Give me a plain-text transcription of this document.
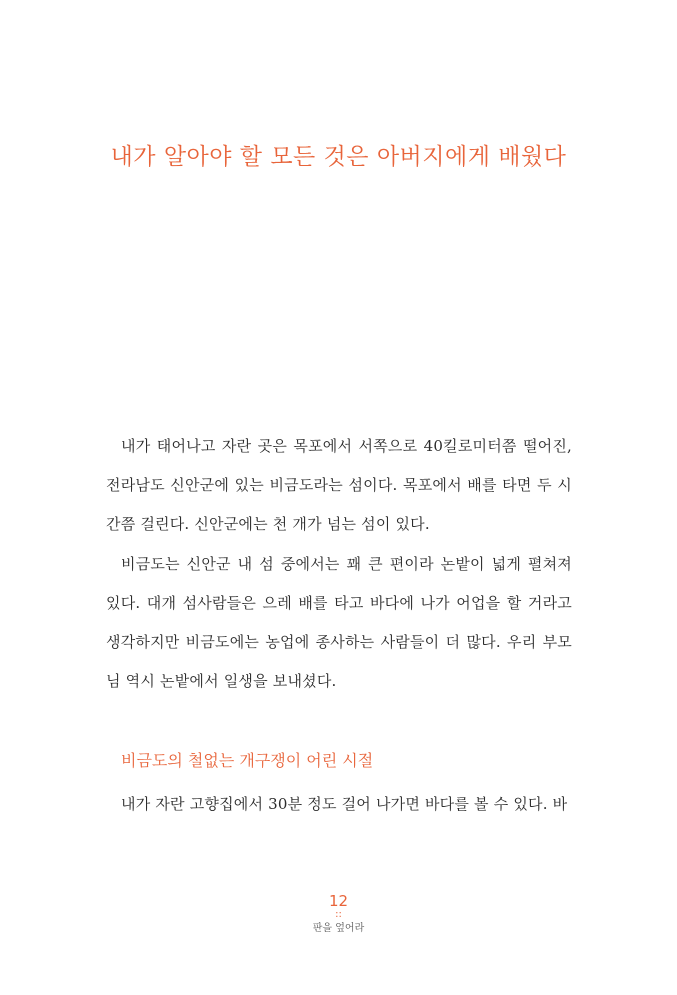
내가 알아야 할 모든 것은 아버지에게 배웠다

내가 태어나고 자란 곳은 목포에서 서쪽으로 40킬로미터쯤 떨어진, 전라남도 신안군에 있는 비금도라는 섬이다. 목포에서 배를 타면 두 시간쯤 걸린다. 신안군에는 천 개가 넘는 섬이 있다.

비금도는 신안군 내 섬 중에서는 꽤 큰 편이라 논밭이 넓게 펼쳐져 있다. 대개 섬사람들은 으레 배를 타고 바다에 나가 어업을 할 거라고 생각하지만 비금도에는 농업에 종사하는 사람들이 더 많다. 우리 부모님 역시 논밭에서 일생을 보내셨다.

비금도의 철없는 개구쟁이 어린 시절

내가 자란 고향집에서 30분 정도 걸어 나가면 바다를 볼 수 있다. 바

12
::
판을 엎어라
